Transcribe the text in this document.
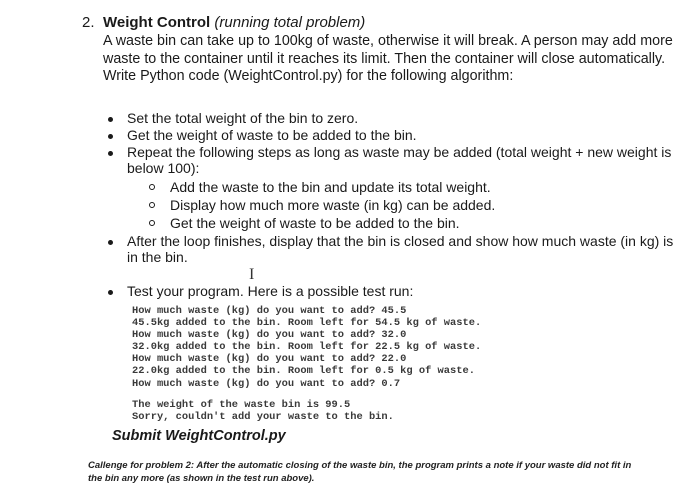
2. Weight Control (running total problem)
A waste bin can take up to 100kg of waste, otherwise it will break. A person may add more
waste to the container until it reaches its limit. Then the container will close automatically.
Write Python code (WeightControl.py) for the following algorithm:
Set the total weight of the bin to zero.
Get the weight of waste to be added to the bin.
Repeat the following steps as long as waste may be added (total weight + new weight is
below 100):
Add the waste to the bin and update its total weight.
Display how much more waste (in kg) can be added.
Get the weight of waste to be added to the bin.
After the loop finishes, display that the bin is closed and show how much waste (in kg) is
in the bin.
I
Test your program. Here is a possible test run:
How much waste (kg) do you want to add? 45.5
45.5kg added to the bin. Room left for 54.5 kg of waste.
How much waste (kg) do you want to add? 32.0
32.0kg added to the bin. Room left for 22.5 kg of waste.
How much waste (kg) do you want to add? 22.0
22.0kg added to the bin. Room left for 0.5 kg of waste.
How much waste (kg) do you want to add? 0.7
The weight of the waste bin is 99.5
Sorry, couldn't add your waste to the bin.
Submit WeightControl.py
Callenge for problem 2: After the automatic closing of the waste bin, the program prints a note if your waste did not fit in
the bin any more (as shown in the test run above).
